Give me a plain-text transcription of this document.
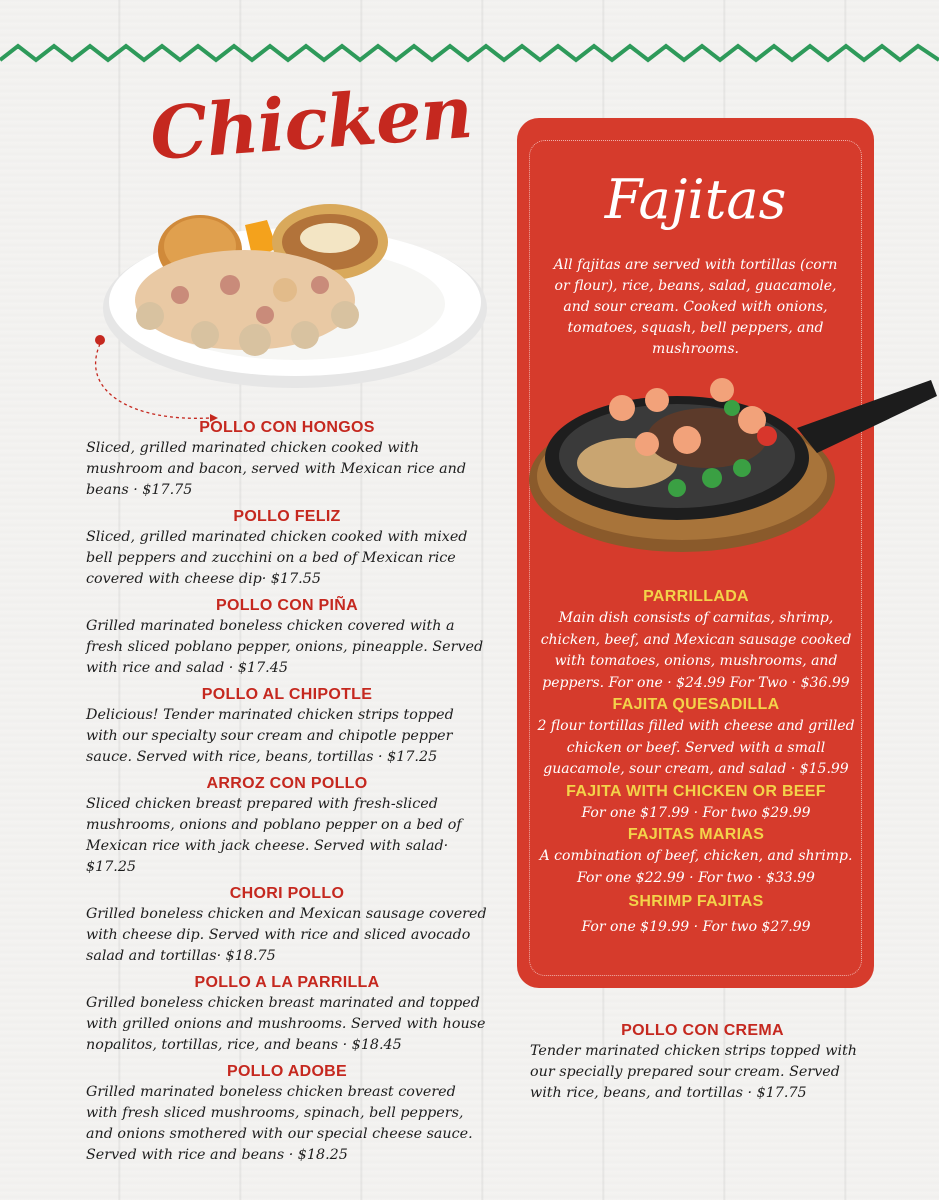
Chicken
POLLO CON HONGOS
Sliced, grilled marinated chicken cooked with mushroom and bacon, served with Mexican rice and beans · $17.75
POLLO FELIZ
Sliced, grilled marinated chicken cooked with mixed bell peppers and zucchini on a bed of Mexican rice covered with cheese dip· $17.55
POLLO CON PIÑA
Grilled marinated boneless chicken covered with a fresh sliced poblano pepper, onions, pineapple. Served with rice and salad · $17.45
POLLO AL CHIPOTLE
Delicious! Tender marinated chicken strips topped with our specialty sour cream and chipotle pepper sauce. Served with rice, beans, tortillas · $17.25
ARROZ CON POLLO
Sliced chicken breast prepared with fresh-sliced mushrooms, onions and poblano pepper on a bed of Mexican rice with jack cheese. Served with salad· $17.25
CHORI POLLO
Grilled boneless chicken and Mexican sausage covered with cheese dip. Served with rice and sliced avocado salad and tortillas· $18.75
POLLO A LA PARRILLA
Grilled boneless chicken breast marinated and topped with grilled onions and mushrooms. Served with house nopalitos, tortillas, rice, and beans · $18.45
POLLO ADOBE
Grilled marinated boneless chicken breast covered with fresh sliced mushrooms, spinach, bell peppers, and onions smothered with our special cheese sauce. Served with rice and beans · $18.25
Fajitas
All fajitas are served with tortillas (corn or flour), rice, beans, salad, guacamole, and sour cream. Cooked with onions, tomatoes, squash, bell peppers, and mushrooms.
PARRILLADA
Main dish consists of carnitas, shrimp, chicken, beef, and Mexican sausage cooked with tomatoes, onions, mushrooms, and peppers. For one · $24.99 For Two · $36.99
FAJITA QUESADILLA
2 flour tortillas filled with cheese and grilled chicken or beef. Served with a small guacamole, sour cream, and salad · $15.99
FAJITA WITH CHICKEN OR BEEF
For one $17.99 · For two $29.99
FAJITAS MARIAS
A combination of beef, chicken, and shrimp. For one $22.99 · For two · $33.99
SHRIMP FAJITAS
For one $19.99 · For two $27.99
POLLO CON CREMA
Tender marinated chicken strips topped with our specially prepared sour cream. Served with rice, beans, and tortillas · $17.75
